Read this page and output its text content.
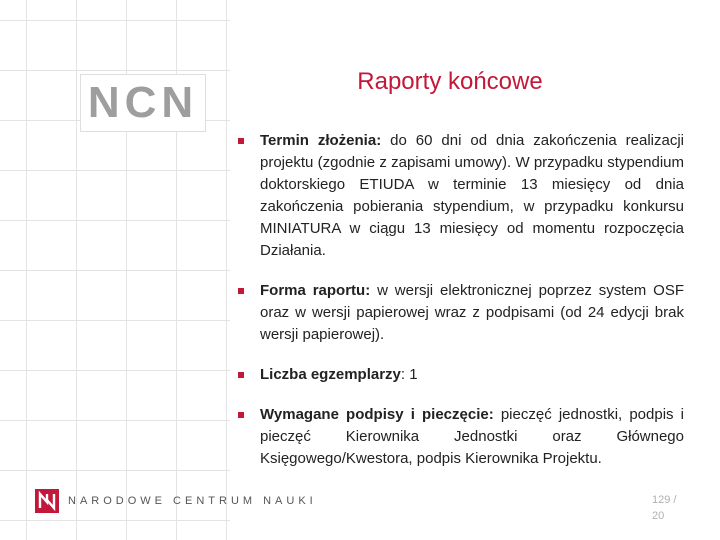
NCN	Raporty końcowe
Termin złożenia: do 60 dni od dnia zakończenia realizacji projektu (zgodnie z zapisami umowy). W przypadku stypendium doktorskiego ETIUDA w terminie 13 miesięcy od dnia zakończenia pobierania stypendium, w przypadku konkursu MINIATURA w ciągu 13 miesięcy od momentu rozpoczęcia Działania.
Forma raportu: w wersji elektronicznej poprzez system OSF oraz w wersji papierowej wraz z podpisami (od 24 edycji brak wersji papierowej).
Liczba egzemplarzy: 1
Wymagane podpisy i pieczęcie: pieczęć jednostki, podpis i pieczęć Kierownika Jednostki oraz Głównego Księgowego/Kwestora, podpis Kierownika Projektu.
NARODOWE CENTRUM NAUKI	129 /
20
